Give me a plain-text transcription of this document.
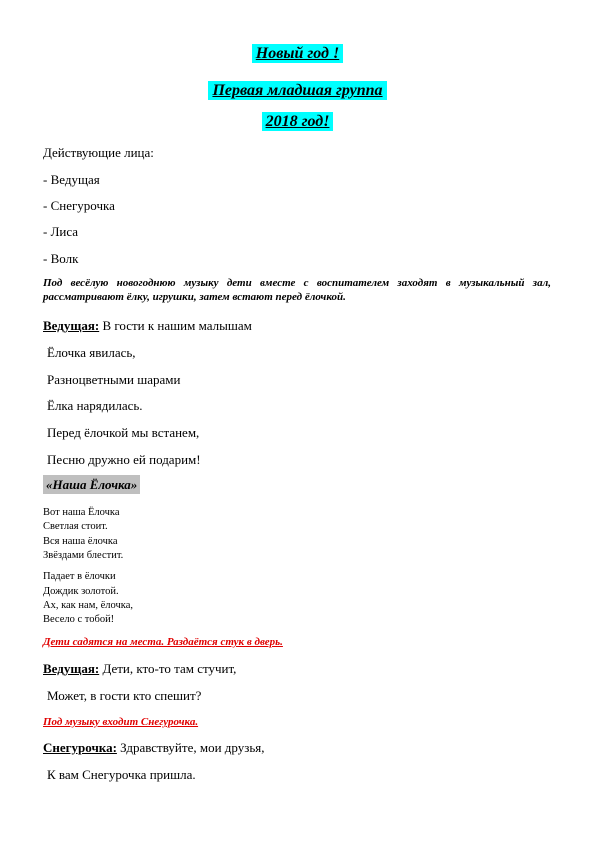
Новый год !
Первая младшая группа
2018 год!
Действующие лица:
- Ведущая
- Снегурочка
- Лиса
- Волк
Под весёлую новогоднюю музыку дети вместе с воспитателем заходят в музыкальный зал, рассматривают ёлку, игрушки, затем встают перед ёлочкой.
Ведущая: В гости к нашим малышам
Ёлочка явилась,
Разноцветными шарами
Ёлка нарядилась.
Перед ёлочкой мы встанем,
Песню дружно ей подарим!
«Наша Ёлочка»
Вот наша Ёлочка
Светлая стоит.
Вся наша ёлочка
Звёздами блестит.
Падает в ёлочки
Дождик золотой.
Ах, как нам, ёлочка,
Весело с тобой!
Дети садятся на места. Раздаётся стук в дверь.
Ведущая: Дети, кто-то там стучит,
Может, в гости кто спешит?
Под музыку входит Снегурочка.
Снегурочка: Здравствуйте, мои друзья,
К вам Снегурочка пришла.
